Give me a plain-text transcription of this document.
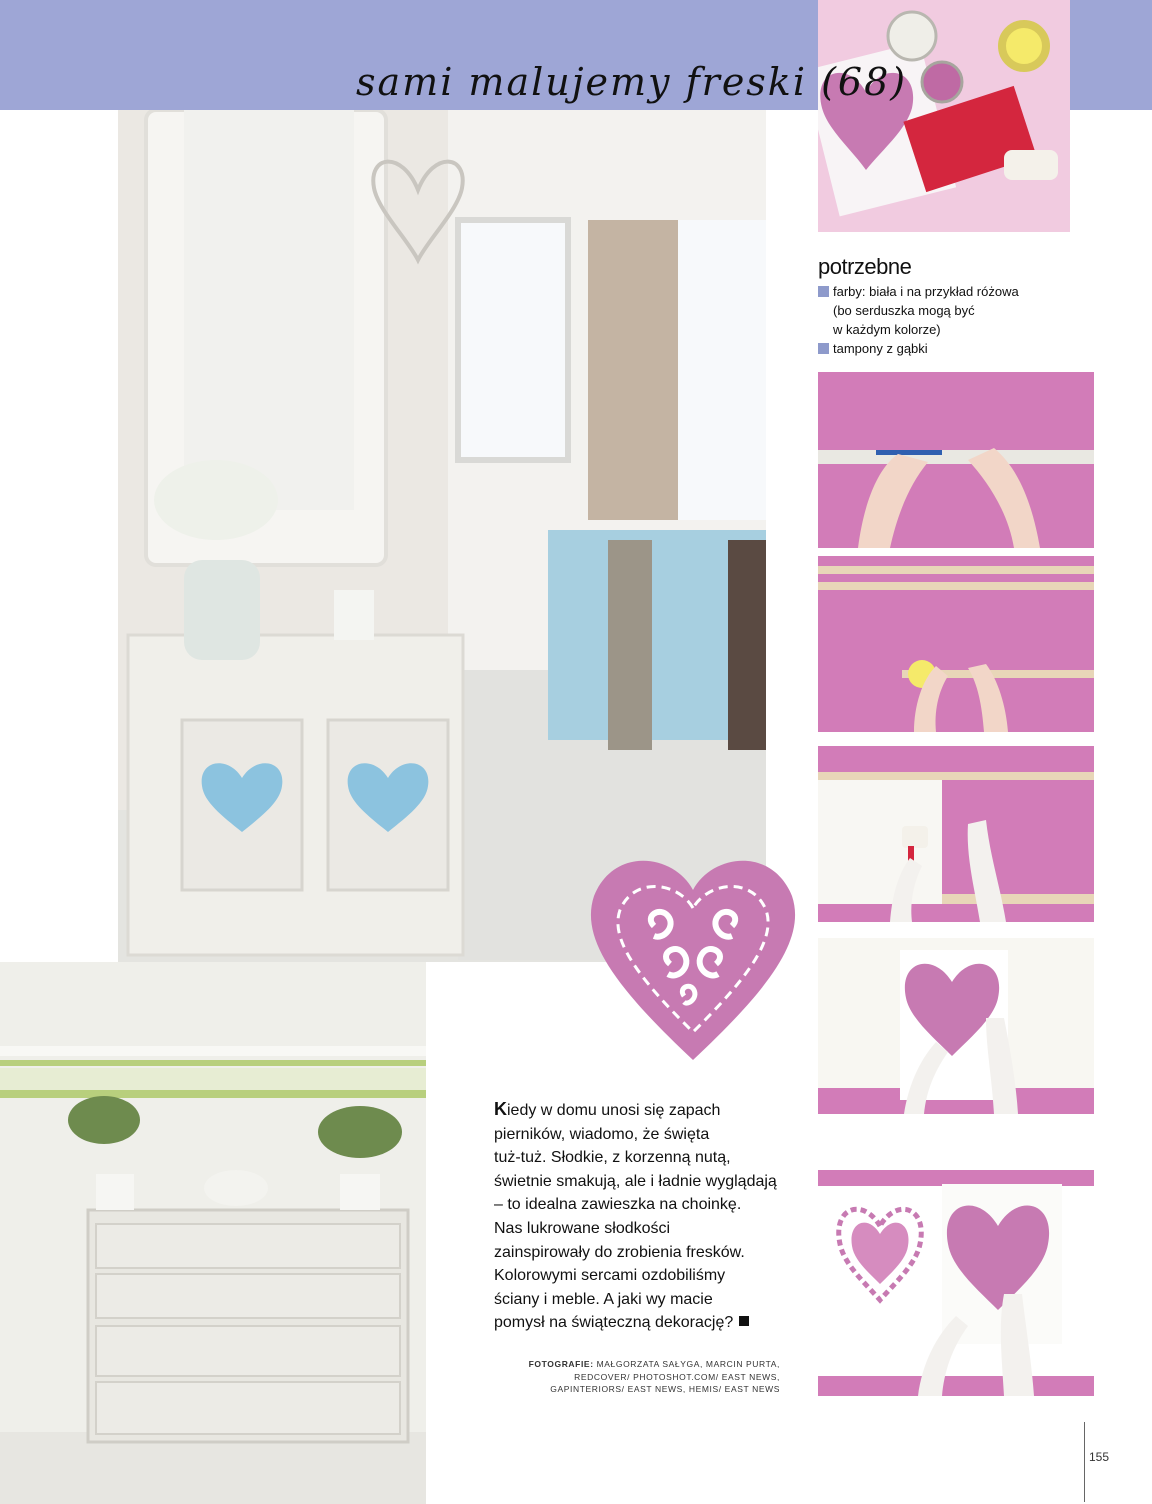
potrzebne
farby: biała i na przykład różowa
(bo serduszka mogą być
w każdym kolorze)
tampony z gąbki
sami malujemy freski (68)
Kiedy w domu unosi się zapach
pierników, wiadomo, że święta
tuż-tuż. Słodkie, z korzenną nutą,
świetnie smakują, ale i ładnie wyglądają
– to idealna zawieszka na choinkę.
Nas lukrowane słodkości
zainspirowały do zrobienia fresków.
Kolorowymi sercami ozdobiliśmy
ściany i meble. A jaki wy macie
pomysł na świąteczną dekorację?
FOTOGRAFIE: MAŁGORZATA SAŁYGA, MARCIN PURTA,
REDCOVER/ PHOTOSHOT.COM/ EAST NEWS,
GAPINTERIORS/ EAST NEWS, HEMIS/ EAST NEWS
155
